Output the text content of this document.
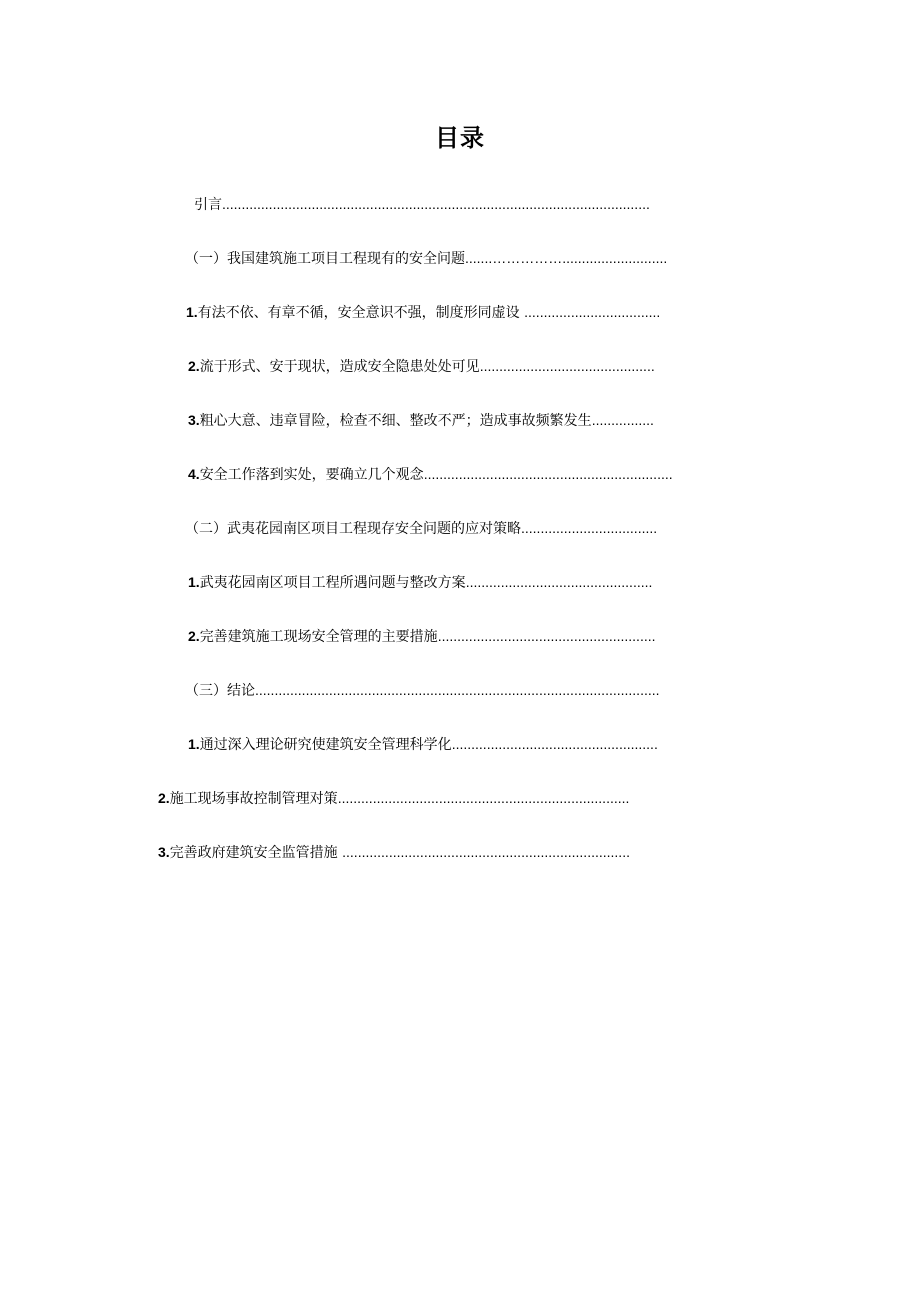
目录
引言..............................................................................................................
（一）我国建筑施工项目工程现有的安全问题.......……………...........................
1.有法不依、有章不循，安全意识不强，制度形同虚设 ...................................
2.流于形式、安于现状，造成安全隐患处处可见.............................................
3.粗心大意、违章冒险，检查不细、整改不严；造成事故频繁发生................
4.安全工作落到实处，要确立几个观念................................................................
（二）武夷花园南区项目工程现存安全问题的应对策略...................................
1.武夷花园南区项目工程所遇问题与整改方案................................................
2.完善建筑施工现场安全管理的主要措施........................................................
（三）结论........................................................................................................
1.通过深入理论研究使建筑安全管理科学化.....................................................
2.施工现场事故控制管理对策...........................................................................
3.完善政府建筑安全监管措施 ..........................................................................
